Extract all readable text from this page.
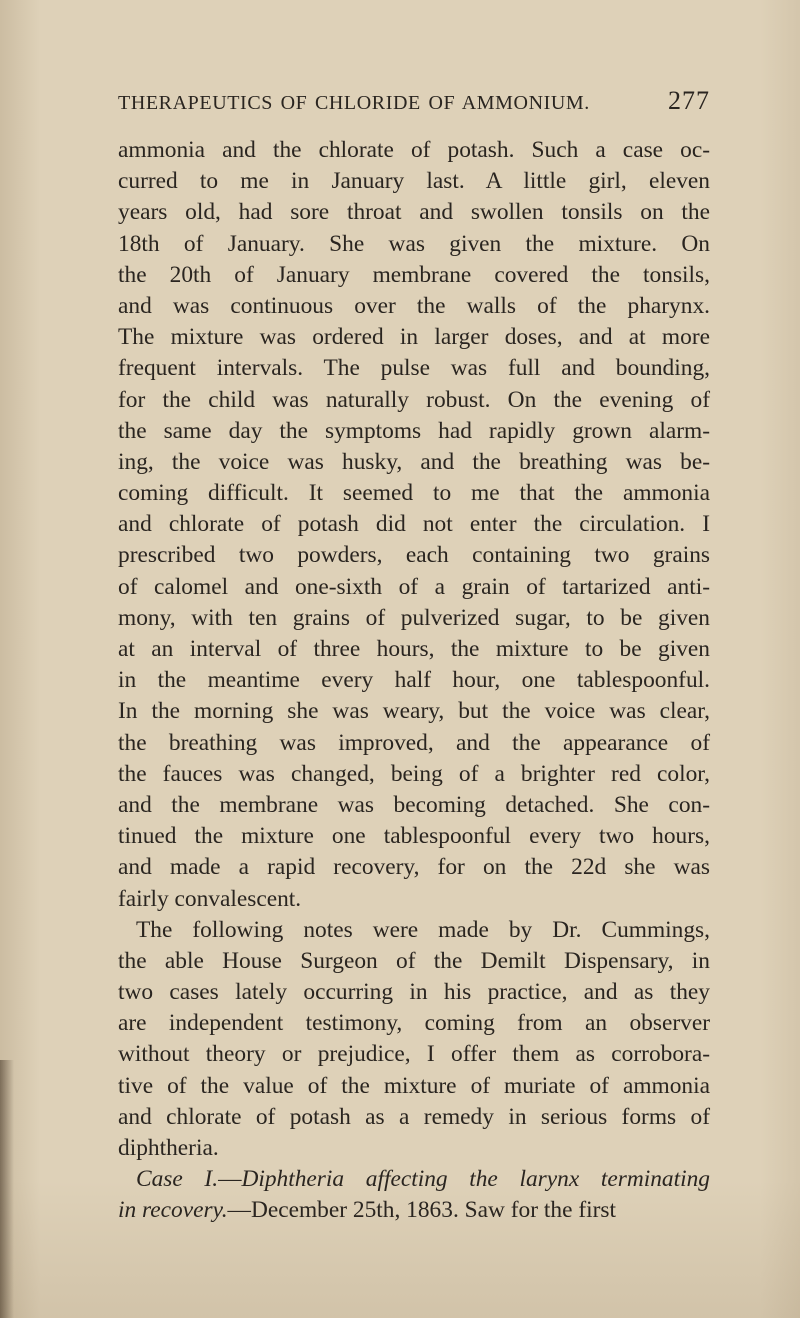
THERAPEUTICS OF CHLORIDE OF AMMONIUM.	277
ammonia and the chlorate of potash. Such a case oc-
curred to me in January last. A little girl, eleven
years old, had sore throat and swollen tonsils on the
18th of January. She was given the mixture. On
the 20th of January membrane covered the tonsils,
and was continuous over the walls of the pharynx.
The mixture was ordered in larger doses, and at more
frequent intervals. The pulse was full and bounding,
for the child was naturally robust. On the evening of
the same day the symptoms had rapidly grown alarm-
ing, the voice was husky, and the breathing was be-
coming difficult. It seemed to me that the ammonia
and chlorate of potash did not enter the circulation. I
prescribed two powders, each containing two grains
of calomel and one-sixth of a grain of tartarized anti-
mony, with ten grains of pulverized sugar, to be given
at an interval of three hours, the mixture to be given
in the meantime every half hour, one tablespoonful.
In the morning she was weary, but the voice was clear,
the breathing was improved, and the appearance of
the fauces was changed, being of a brighter red color,
and the membrane was becoming detached. She con-
tinued the mixture one tablespoonful every two hours,
and made a rapid recovery, for on the 22d she was
fairly convalescent.
The following notes were made by Dr. Cummings,
the able House Surgeon of the Demilt Dispensary, in
two cases lately occurring in his practice, and as they
are independent testimony, coming from an observer
without theory or prejudice, I offer them as corrobora-
tive of the value of the mixture of muriate of ammonia
and chlorate of potash as a remedy in serious forms of
diphtheria.
Case I.—Diphtheria affecting the larynx terminating
in recovery.—December 25th, 1863. Saw for the first
